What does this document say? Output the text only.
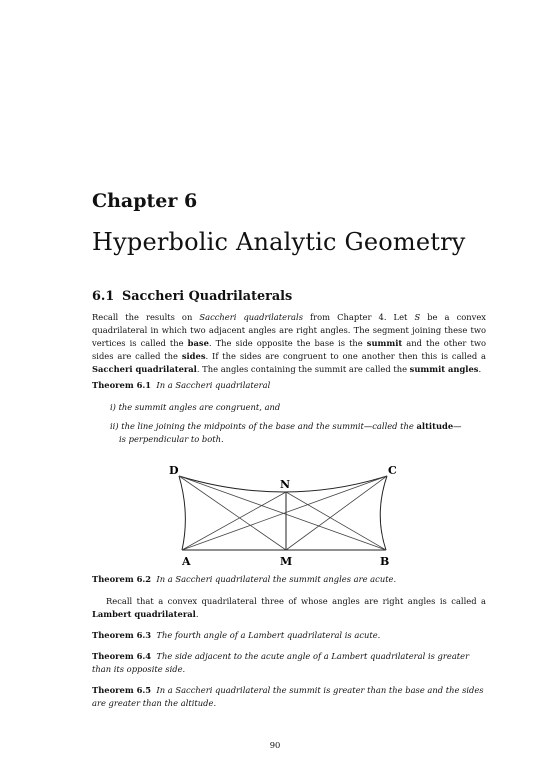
Chapter 6
Hyperbolic Analytic Geometry
6.1 Saccheri Quadrilaterals
Recall the results on Saccheri quadrilaterals from Chapter 4. Let S be a convex quadrilateral in which two adjacent angles are right angles. The segment joining these two vertices is called the base. The side opposite the base is the summit and the other two sides are called the sides. If the sides are congruent to one another then this is called a Saccheri quadrilateral. The angles containing the summit are called the summit angles.
Theorem 6.1 In a Saccheri quadrilateral
i) the summit angles are congruent, and
ii) the line joining the midpoints of the base and the summit—called the altitude—
is perpendicular to both.
D	C
N
A	M	B
Theorem 6.2 In a Saccheri quadrilateral the summit angles are acute.
Recall that a convex quadrilateral three of whose angles are right angles is called a Lambert quadrilateral.
Theorem 6.3 The fourth angle of a Lambert quadrilateral is acute.
Theorem 6.4 The side adjacent to the acute angle of a Lambert quadrilateral is greater than its opposite side.
Theorem 6.5 In a Saccheri quadrilateral the summit is greater than the base and the sides are greater than the altitude.
90
